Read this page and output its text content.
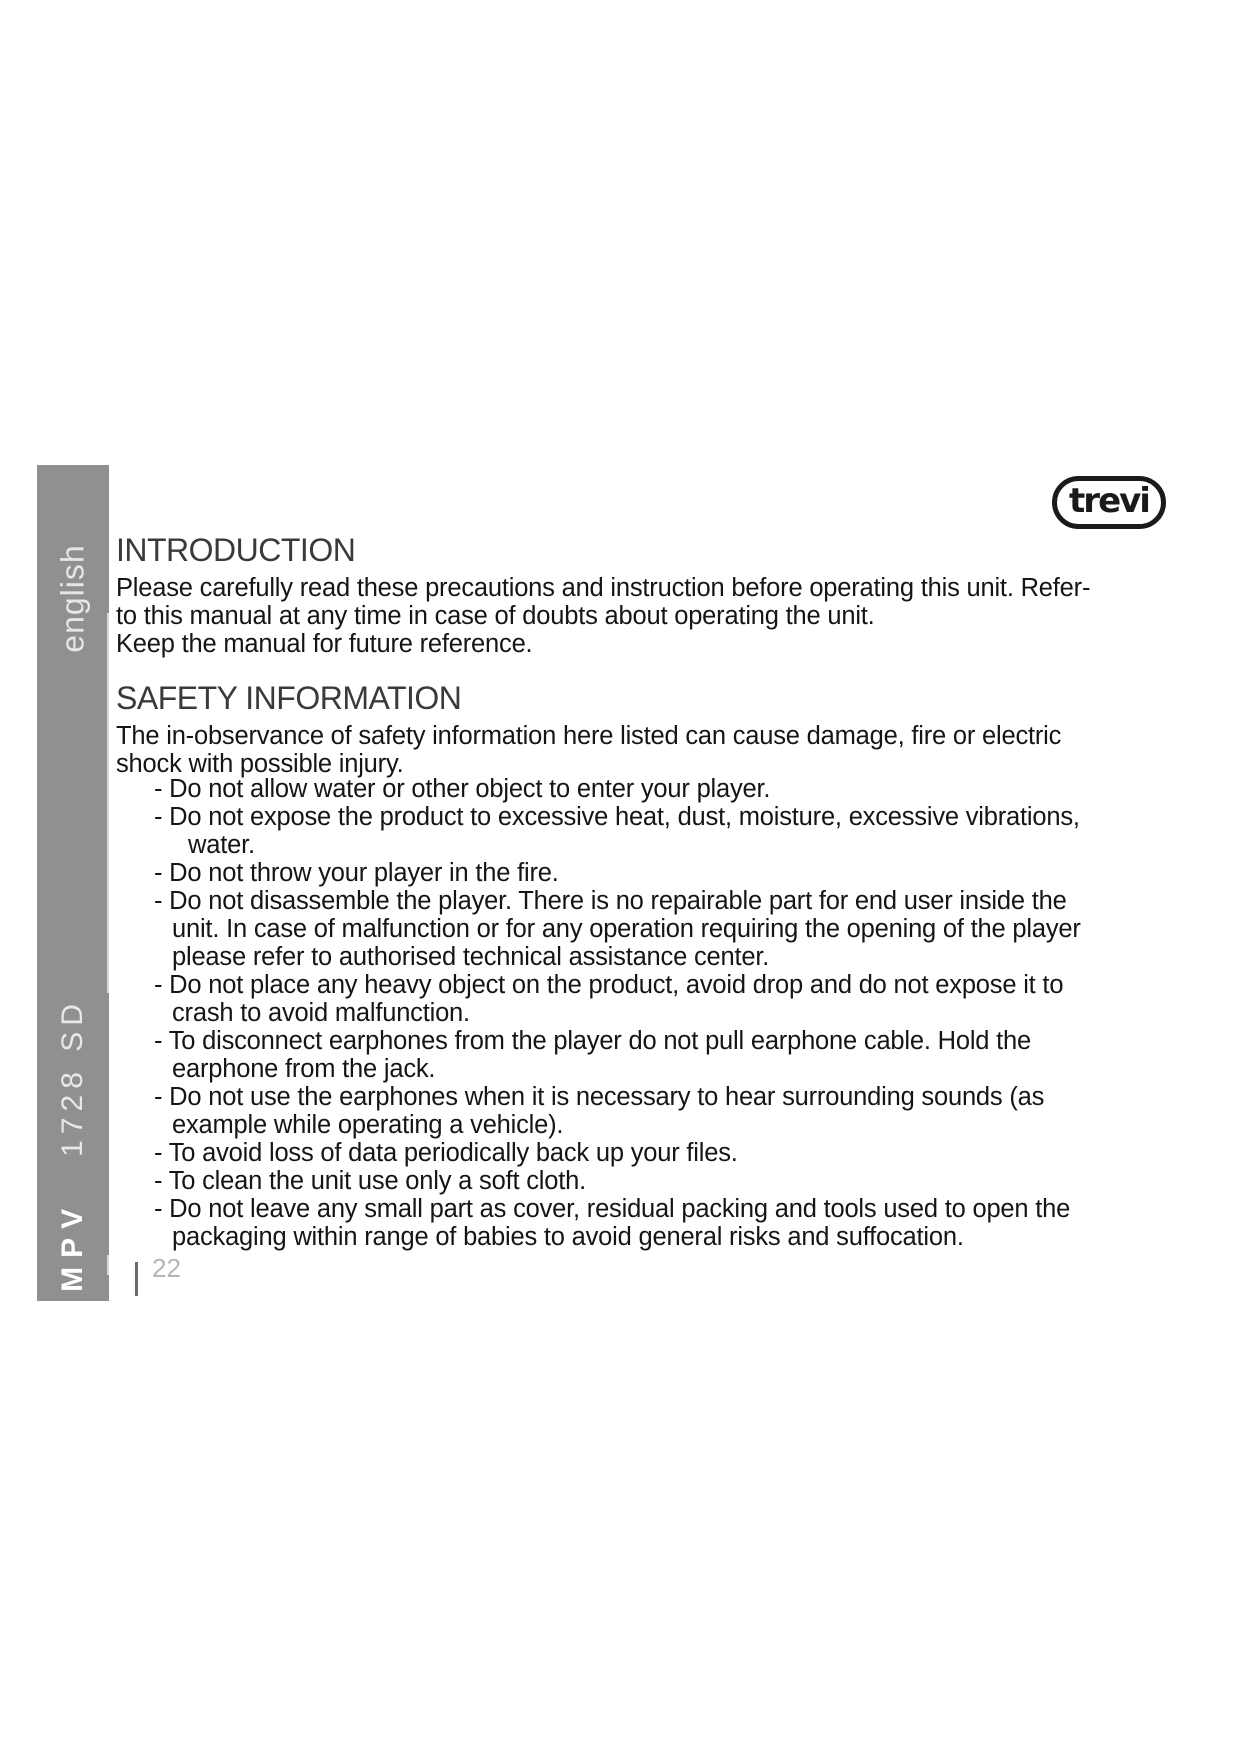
english
MPV   1728 SD
trevi
INTRODUCTION

Please carefully read these precautions and instruction before operating this unit. Refer-

to this manual at any time in case of doubts about operating the unit.

Keep the manual for future reference.

SAFETY INFORMATION

The in-observance of safety information here listed can cause damage, fire or electric

shock with possible injury.

- Do not allow water or other object to enter your player.
- Do not expose the product to excessive heat, dust, moisture, excessive vibrations,
water.
- Do not throw your player in the fire.
- Do not disassemble the player. There is no repairable part for end user inside the
unit. In case of malfunction or for any operation requiring the opening of the player
please refer to authorised technical assistance center.
- Do not place any heavy object on the product, avoid drop and do not expose it to
crash to avoid malfunction.
- To disconnect earphones from the player do not pull earphone cable. Hold the
earphone from the jack.
- Do not use the earphones when it is necessary to hear surrounding sounds (as
example while operating a vehicle).
- To avoid loss of data periodically back up your files.
- To clean the unit use only a soft cloth.
- Do not leave any small part as cover, residual packing and tools used to open the
packaging within range of babies to avoid general risks and suffocation.
22
